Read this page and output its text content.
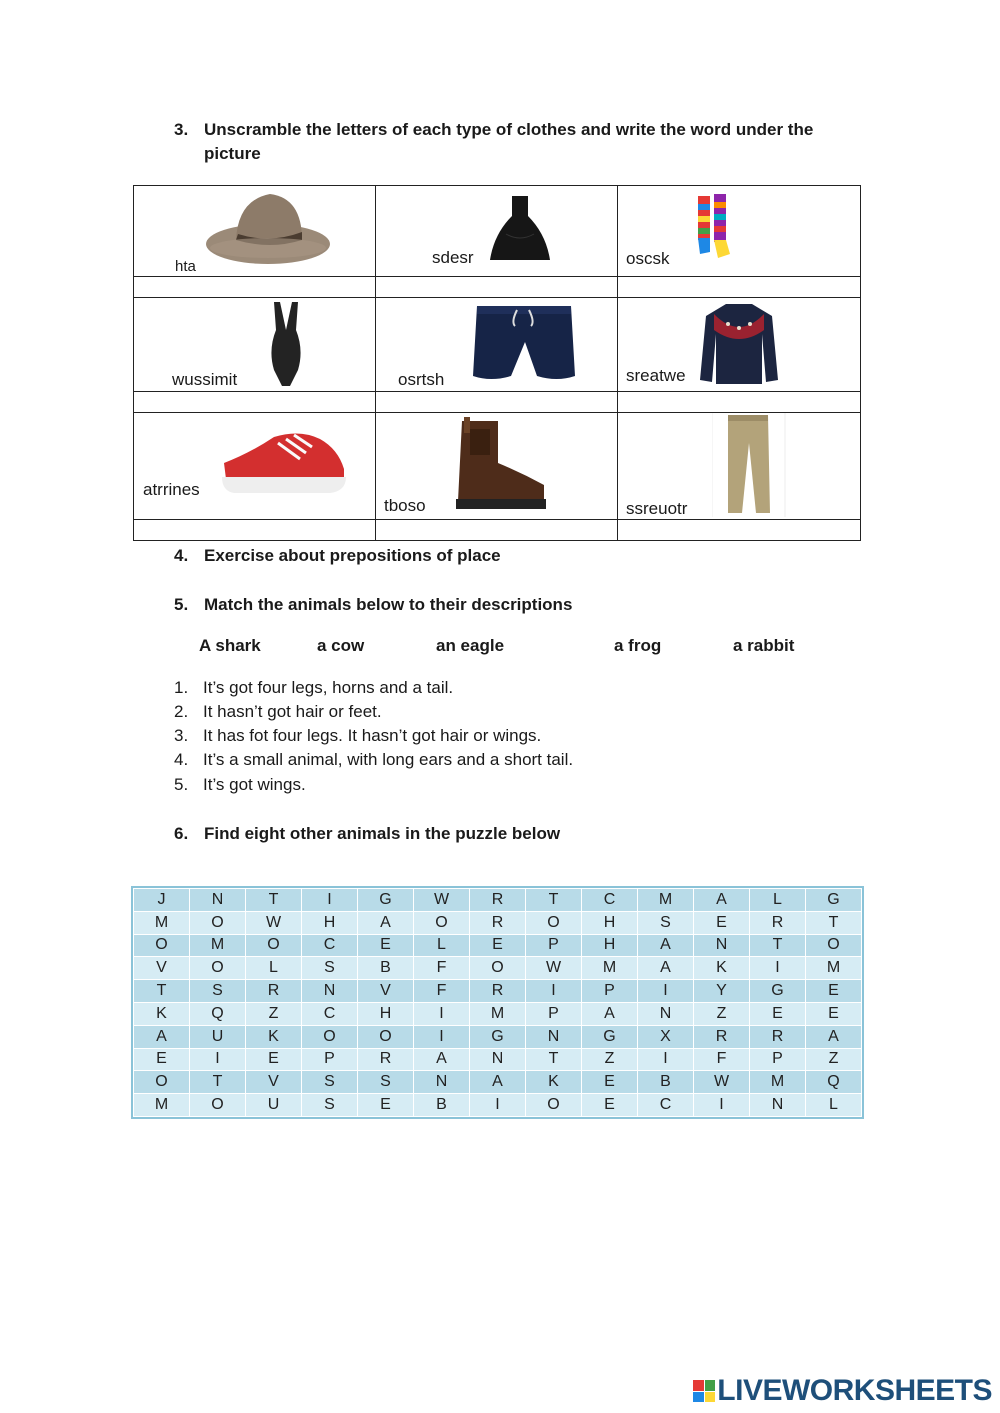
3. Unscramble the letters of each type of clothes and write the word under the picture
hta	sdesr	oscsk

wussimit	osrtsh	sreatwe

atrrines	tboso	ssreuotr

4. Exercise about prepositions of place
5. Match the animals below to their descriptions
A shark	a cow	an eagle	a frog	a rabbit
1. It’s got four legs, horns and a tail.
2. It hasn’t got hair or feet.
3. It has fot four legs. It hasn’t got hair or wings.
4. It’s a small animal, with long ears and a short tail.
5. It’s got wings.
6. Find eight other animals in the puzzle below
J	N	T	I	G	W	R	T	C	M	A	L	G
M	O	W	H	A	O	R	O	H	S	E	R	T
O	M	O	C	E	L	E	P	H	A	N	T	O
V	O	L	S	B	F	O	W	M	A	K	I	M
T	S	R	N	V	F	R	I	P	I	Y	G	E
K	Q	Z	C	H	I	M	P	A	N	Z	E	E
A	U	K	O	O	I	G	N	G	X	R	R	A
E	I	E	P	R	A	N	T	Z	I	F	P	Z
O	T	V	S	S	N	A	K	E	B	W	M	Q
M	O	U	S	E	B	I	O	E	C	I	N	L
LIVEWORKSHEETS
